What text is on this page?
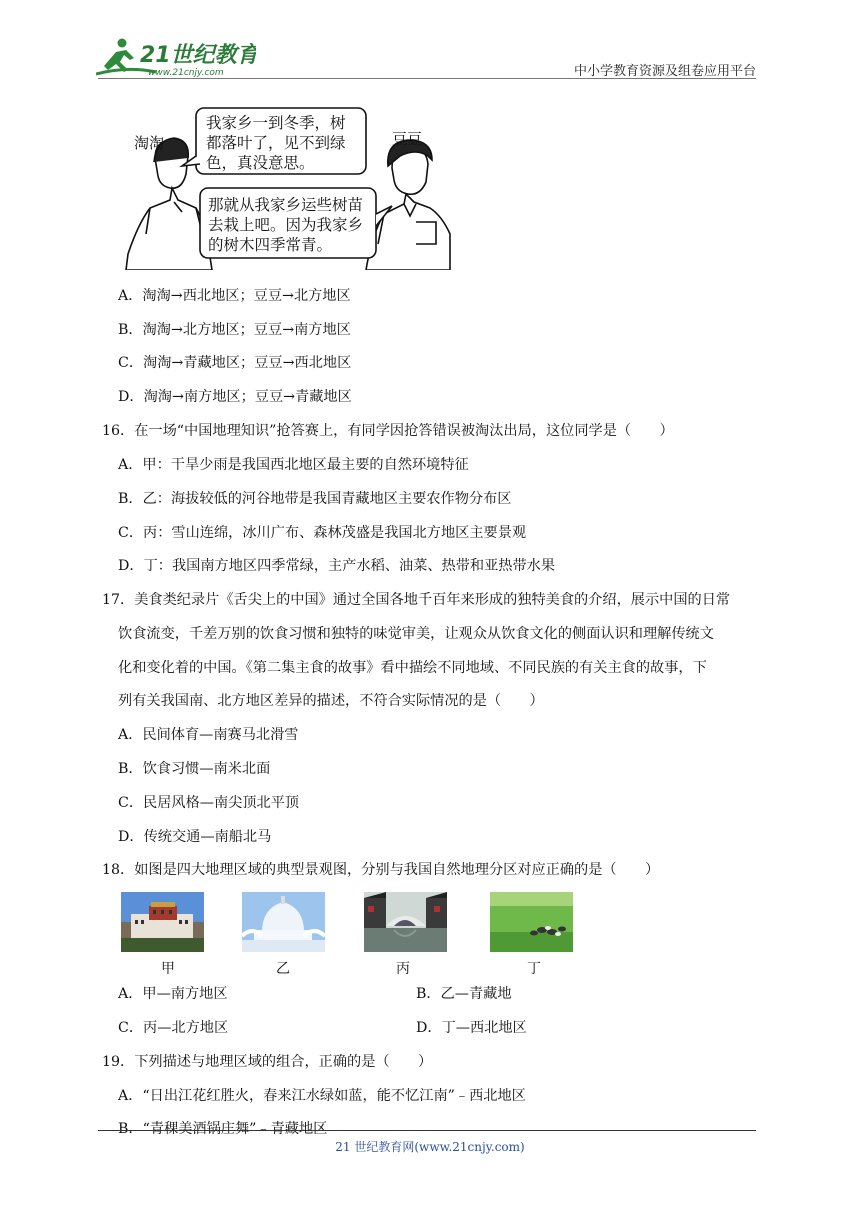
21世纪教育
www.21cnjy.com	中小学教育资源及组卷应用平台
我家乡一到冬季，树
都落叶了，见不到绿
色，真没意思。
那就从我家乡运些树苗
去栽上吧。因为我家乡
的树木四季常青。
淘淘	豆豆
A．淘淘→西北地区；豆豆→北方地区
B．淘淘→北方地区；豆豆→南方地区
C．淘淘→青藏地区；豆豆→西北地区
D．淘淘→南方地区；豆豆→青藏地区
16．在一场“中国地理知识”抢答赛上，有同学因抢答错误被淘汰出局，这位同学是（　　）
A．甲：干旱少雨是我国西北地区最主要的自然环境特征
B．乙：海拔较低的河谷地带是我国青藏地区主要农作物分布区
C．丙：雪山连绵，冰川广布、森林茂盛是我国北方地区主要景观
D．丁：我国南方地区四季常绿，主产水稻、油菜、热带和亚热带水果
17．美食类纪录片《舌尖上的中国》通过全国各地千百年来形成的独特美食的介绍，展示中国的日常
饮食流变，千差万别的饮食习惯和独特的味觉审美，让观众从饮食文化的侧面认识和理解传统文
化和变化着的中国。《第二集主食的故事》看中描绘不同地域、不同民族的有关主食的故事，下
列有关我国南、北方地区差异的描述，不符合实际情况的是（　　）
A．民间体育—南赛马北滑雪
B．饮食习惯—南米北面
C．民居风格—南尖顶北平顶
D．传统交通—南船北马
18．如图是四大地理区域的典型景观图，分别与我国自然地理分区对应正确的是（　　）
甲	乙	丙	丁
A．甲—南方地区	B．乙—青藏地
C．丙—北方地区	D．丁—西北地区
19．下列描述与地理区域的组合，正确的是（　　）
A．“日出江花红胜火，春来江水绿如蓝，能不忆江南”﹣西北地区
B．“青稞美酒锅庄舞”﹣青藏地区
21 世纪教育网(www.21cnjy.com)
